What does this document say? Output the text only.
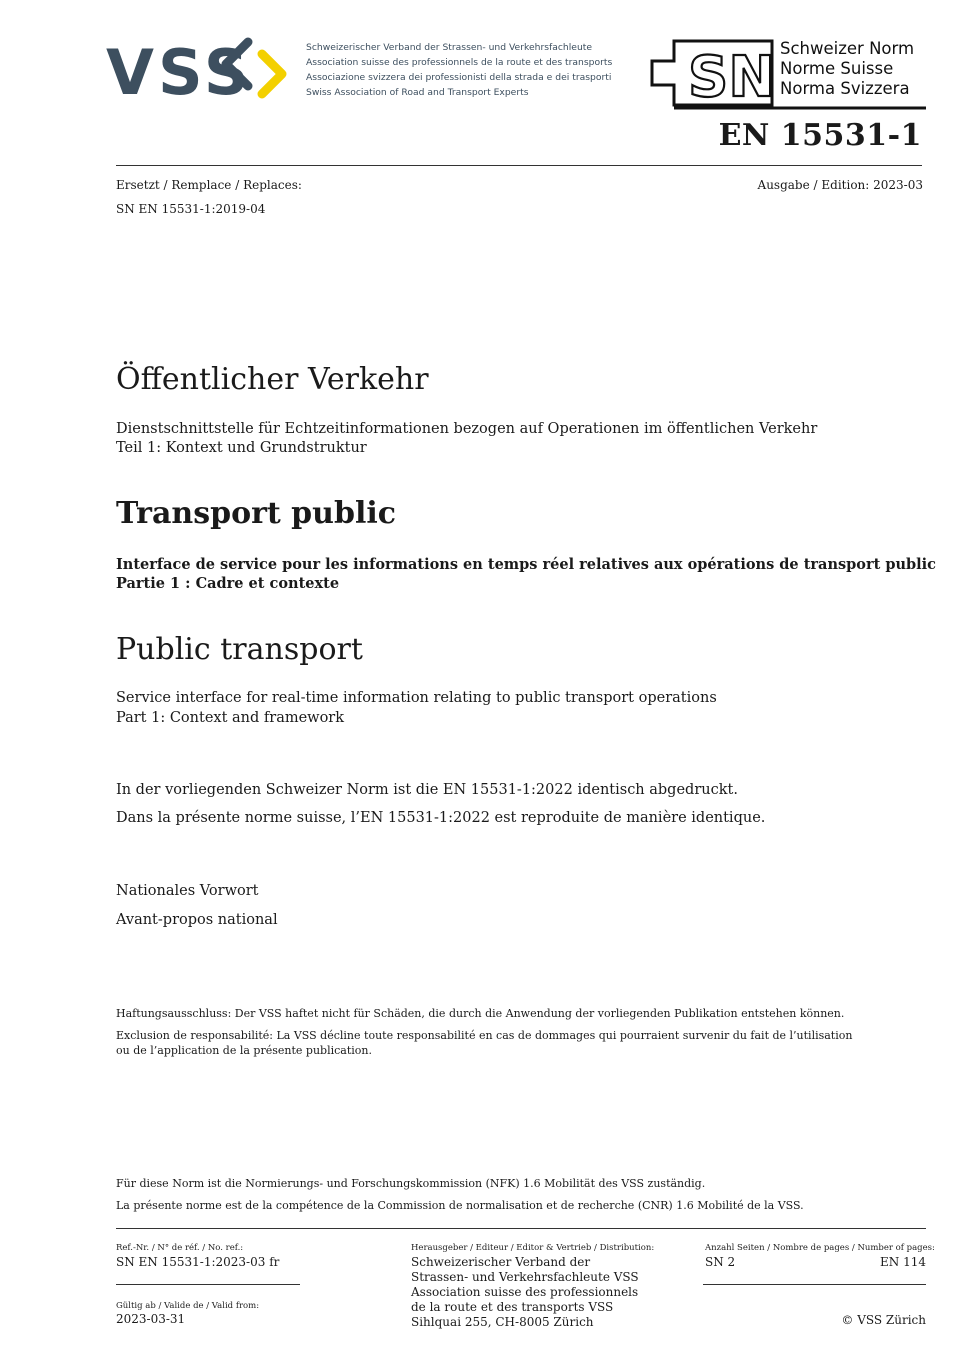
VSS	Schweizerischer Verband der Strassen- und Verkehrsfachleute
Association suisse des professionnels de la route et des transports
Associazione svizzera dei professionisti della strada e dei trasporti
Swiss Association of Road and Transport Experts	SN Schweizer Norm
Norme Suisse
Norma Svizzera
EN 15531-1
Ersetzt / Remplace / Replaces:
SN EN 15531-1:2019-04
Ausgabe / Edition: 2023-03
Öffentlicher Verkehr
Dienstschnittstelle für Echtzeitinformationen bezogen auf Operationen im öffentlichen Verkehr
Teil 1: Kontext und Grundstruktur
Transport public
Interface de service pour les informations en temps réel relatives aux opérations de transport public
Partie 1 : Cadre et contexte
Public transport
Service interface for real-time information relating to public transport operations
Part 1: Context and framework
In der vorliegenden Schweizer Norm ist die EN 15531-1:2022 identisch abgedruckt.
Dans la présente norme suisse, l’EN 15531-1:2022 est reproduite de manière identique.
Nationales Vorwort
Avant-propos national
Haftungsausschluss: Der VSS haftet nicht für Schäden, die durch die Anwendung der vorliegenden Publikation entstehen können.
Exclusion de responsabilité: La VSS décline toute responsabilité en cas de dommages qui pourraient survenir du fait de l’utilisation
ou de l’application de la présente publication.
Für diese Norm ist die Normierungs- und Forschungskommission (NFK) 1.6 Mobilität des VSS zuständig.
La présente norme est de la compétence de la Commission de normalisation et de recherche (CNR) 1.6 Mobilité de la VSS.
Ref.-Nr. / N° de réf. / No. ref.:
SN EN 15531-1:2023-03 fr
Gültig ab / Valide de / Valid from:
2023-03-31
Herausgeber / Editeur / Editor & Vertrieb / Distribution:
Schweizerischer Verband der
Strassen- und Verkehrsfachleute VSS
Association suisse des professionnels
de la route et des transports VSS
Sihlquai 255, CH-8005 Zürich
Anzahl Seiten / Nombre de pages / Number of pages:
SN 2	EN 114
© VSS Zürich
